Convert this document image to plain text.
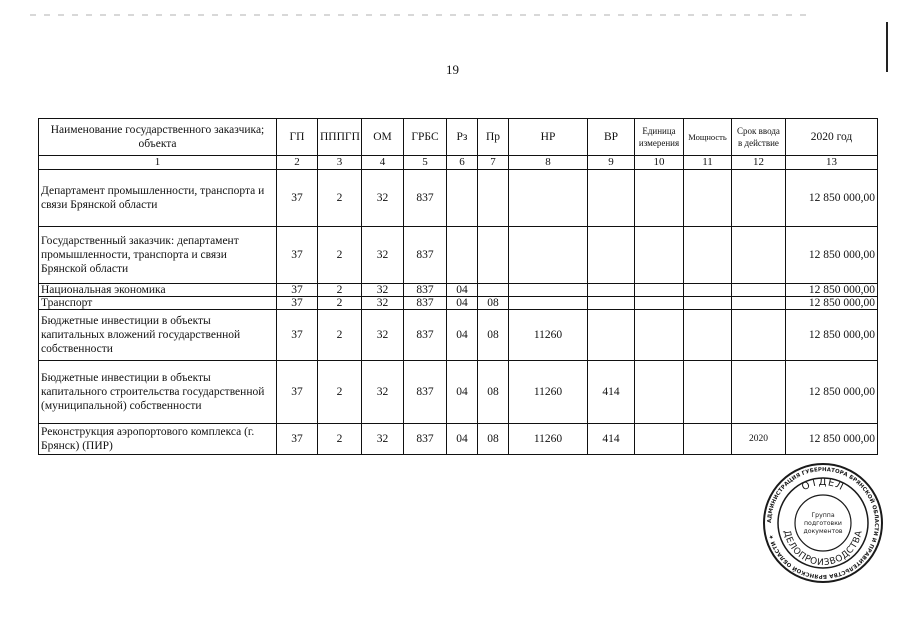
19
Наименование государственного заказчика; объекта	ГП	ПППГП	ОМ	ГРБС	Рз	Пр	НР	ВР	Единица измерения	Мощность	Срок ввода в действие	2020 год
1	2	3	4	5	6	7	8	9	10	11	12	13
Департамент промышленности, транспорта и связи Брянской области	37	2	32	837								12 850 000,00
Государственный заказчик: департамент промышленности, транспорта и связи Брянской области	37	2	32	837								12 850 000,00
Национальная экономика	37	2	32	837	04							12 850 000,00
Транспорт	37	2	32	837	04	08						12 850 000,00
Бюджетные инвестиции в объекты капитальных вложений государственной собственности	37	2	32	837	04	08	11260					12 850 000,00
Бюджетные инвестиции в объекты капитального строительства государственной (муниципальной) собственности	37	2	32	837	04	08	11260	414				12 850 000,00
Реконструкция аэропортового комплекса (г. Брянск) (ПИР)	37	2	32	837	04	08	11260	414			2020	12 850 000,00
АДМИНИСТРАЦИЯ ГУБЕРНАТОРА БРЯНСКОЙ ОБЛАСТИ И ПРАВИТЕЛЬСТВА БРЯНСКОЙ ОБЛАСТИ ★
ОТДЕЛ
ДЕЛОПРОИЗВОДСТВА
Группа
подготовки
документов
